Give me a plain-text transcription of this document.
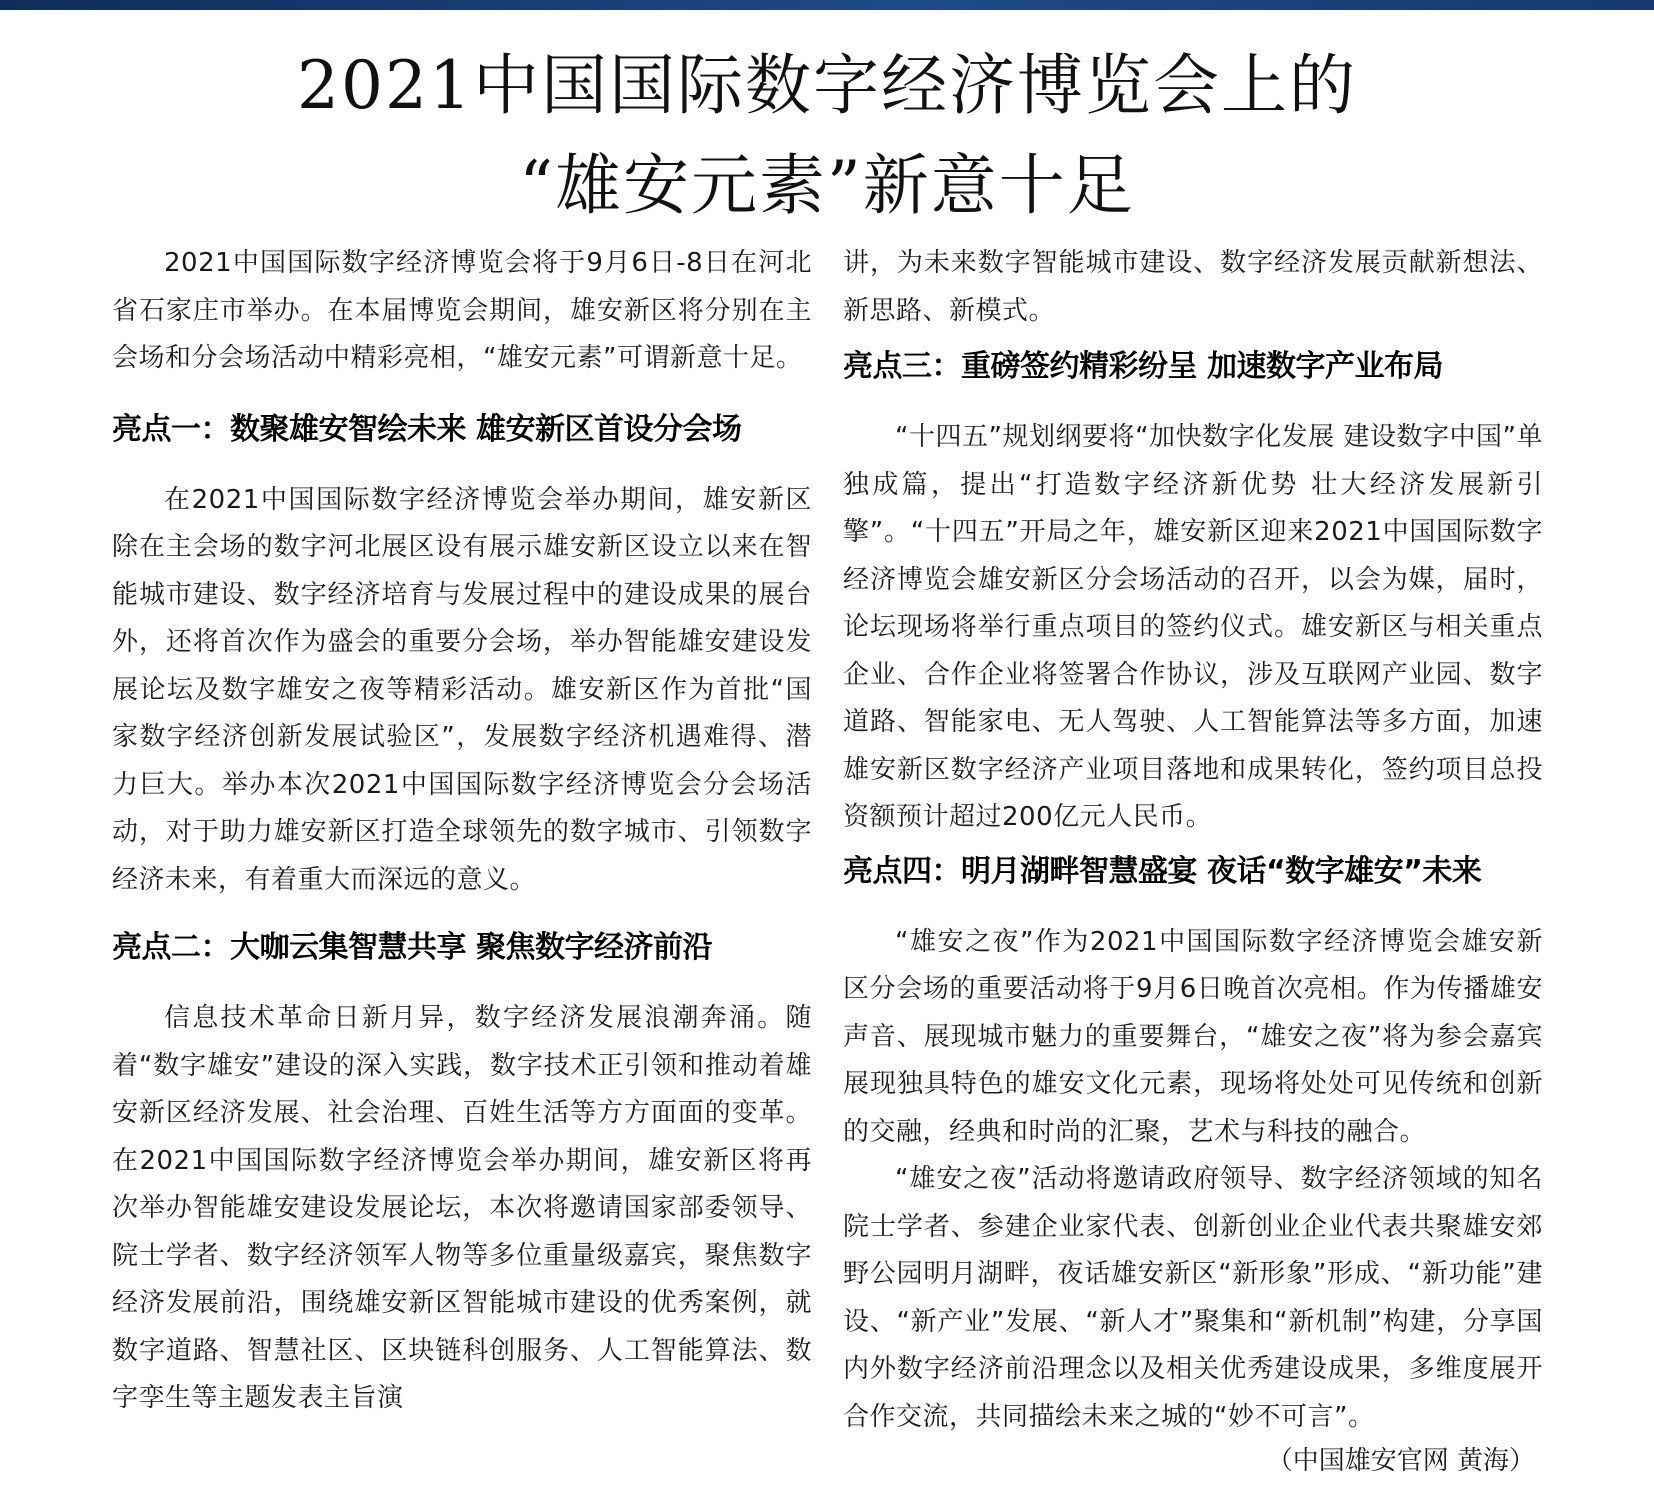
2021中国国际数字经济博览会上的
“雄安元素”新意十足

2021中国国际数字经济博览会将于9月6日-8日在河北省石家庄市举办。在本届博览会期间，雄安新区将分别在主会场和分会场活动中精彩亮相，“雄安元素”可谓新意十足。

亮点一：数聚雄安智绘未来 雄安新区首设分会场

在2021中国国际数字经济博览会举办期间，雄安新区除在主会场的数字河北展区设有展示雄安新区设立以来在智能城市建设、数字经济培育与发展过程中的建设成果的展台外，还将首次作为盛会的重要分会场，举办智能雄安建设发展论坛及数字雄安之夜等精彩活动。雄安新区作为首批“国家数字经济创新发展试验区”，发展数字经济机遇难得、潜力巨大。举办本次2021中国国际数字经济博览会分会场活动，对于助力雄安新区打造全球领先的数字城市、引领数字经济未来，有着重大而深远的意义。

亮点二：大咖云集智慧共享 聚焦数字经济前沿

信息技术革命日新月异，数字经济发展浪潮奔涌。随着“数字雄安”建设的深入实践，数字技术正引领和推动着雄安新区经济发展、社会治理、百姓生活等方方面面的变革。在2021中国国际数字经济博览会举办期间，雄安新区将再次举办智能雄安建设发展论坛，本次将邀请国家部委领导、院士学者、数字经济领军人物等多位重量级嘉宾，聚焦数字经济发展前沿，围绕雄安新区智能城市建设的优秀案例，就数字道路、智慧社区、区块链科创服务、人工智能算法、数字孪生等主题发表主旨演

讲，为未来数字智能城市建设、数字经济发展贡献新想法、新思路、新模式。

亮点三：重磅签约精彩纷呈 加速数字产业布局

“十四五”规划纲要将“加快数字化发展 建设数字中国”单独成篇，提出“打造数字经济新优势 壮大经济发展新引擎”。“十四五”开局之年，雄安新区迎来2021中国国际数字经济博览会雄安新区分会场活动的召开，以会为媒，届时，论坛现场将举行重点项目的签约仪式。雄安新区与相关重点企业、合作企业将签署合作协议，涉及互联网产业园、数字道路、智能家电、无人驾驶、人工智能算法等多方面，加速雄安新区数字经济产业项目落地和成果转化，签约项目总投资额预计超过200亿元人民币。

亮点四：明月湖畔智慧盛宴 夜话“数字雄安”未来

“雄安之夜”作为2021中国国际数字经济博览会雄安新区分会场的重要活动将于9月6日晚首次亮相。作为传播雄安声音、展现城市魅力的重要舞台，“雄安之夜”将为参会嘉宾展现独具特色的雄安文化元素，现场将处处可见传统和创新的交融，经典和时尚的汇聚，艺术与科技的融合。

“雄安之夜”活动将邀请政府领导、数字经济领域的知名院士学者、参建企业家代表、创新创业企业代表共聚雄安郊野公园明月湖畔，夜话雄安新区“新形象”形成、“新功能”建设、“新产业”发展、“新人才”聚集和“新机制”构建，分享国内外数字经济前沿理念以及相关优秀建设成果，多维度展开合作交流，共同描绘未来之城的“妙不可言”。

（中国雄安官网 黄海）
